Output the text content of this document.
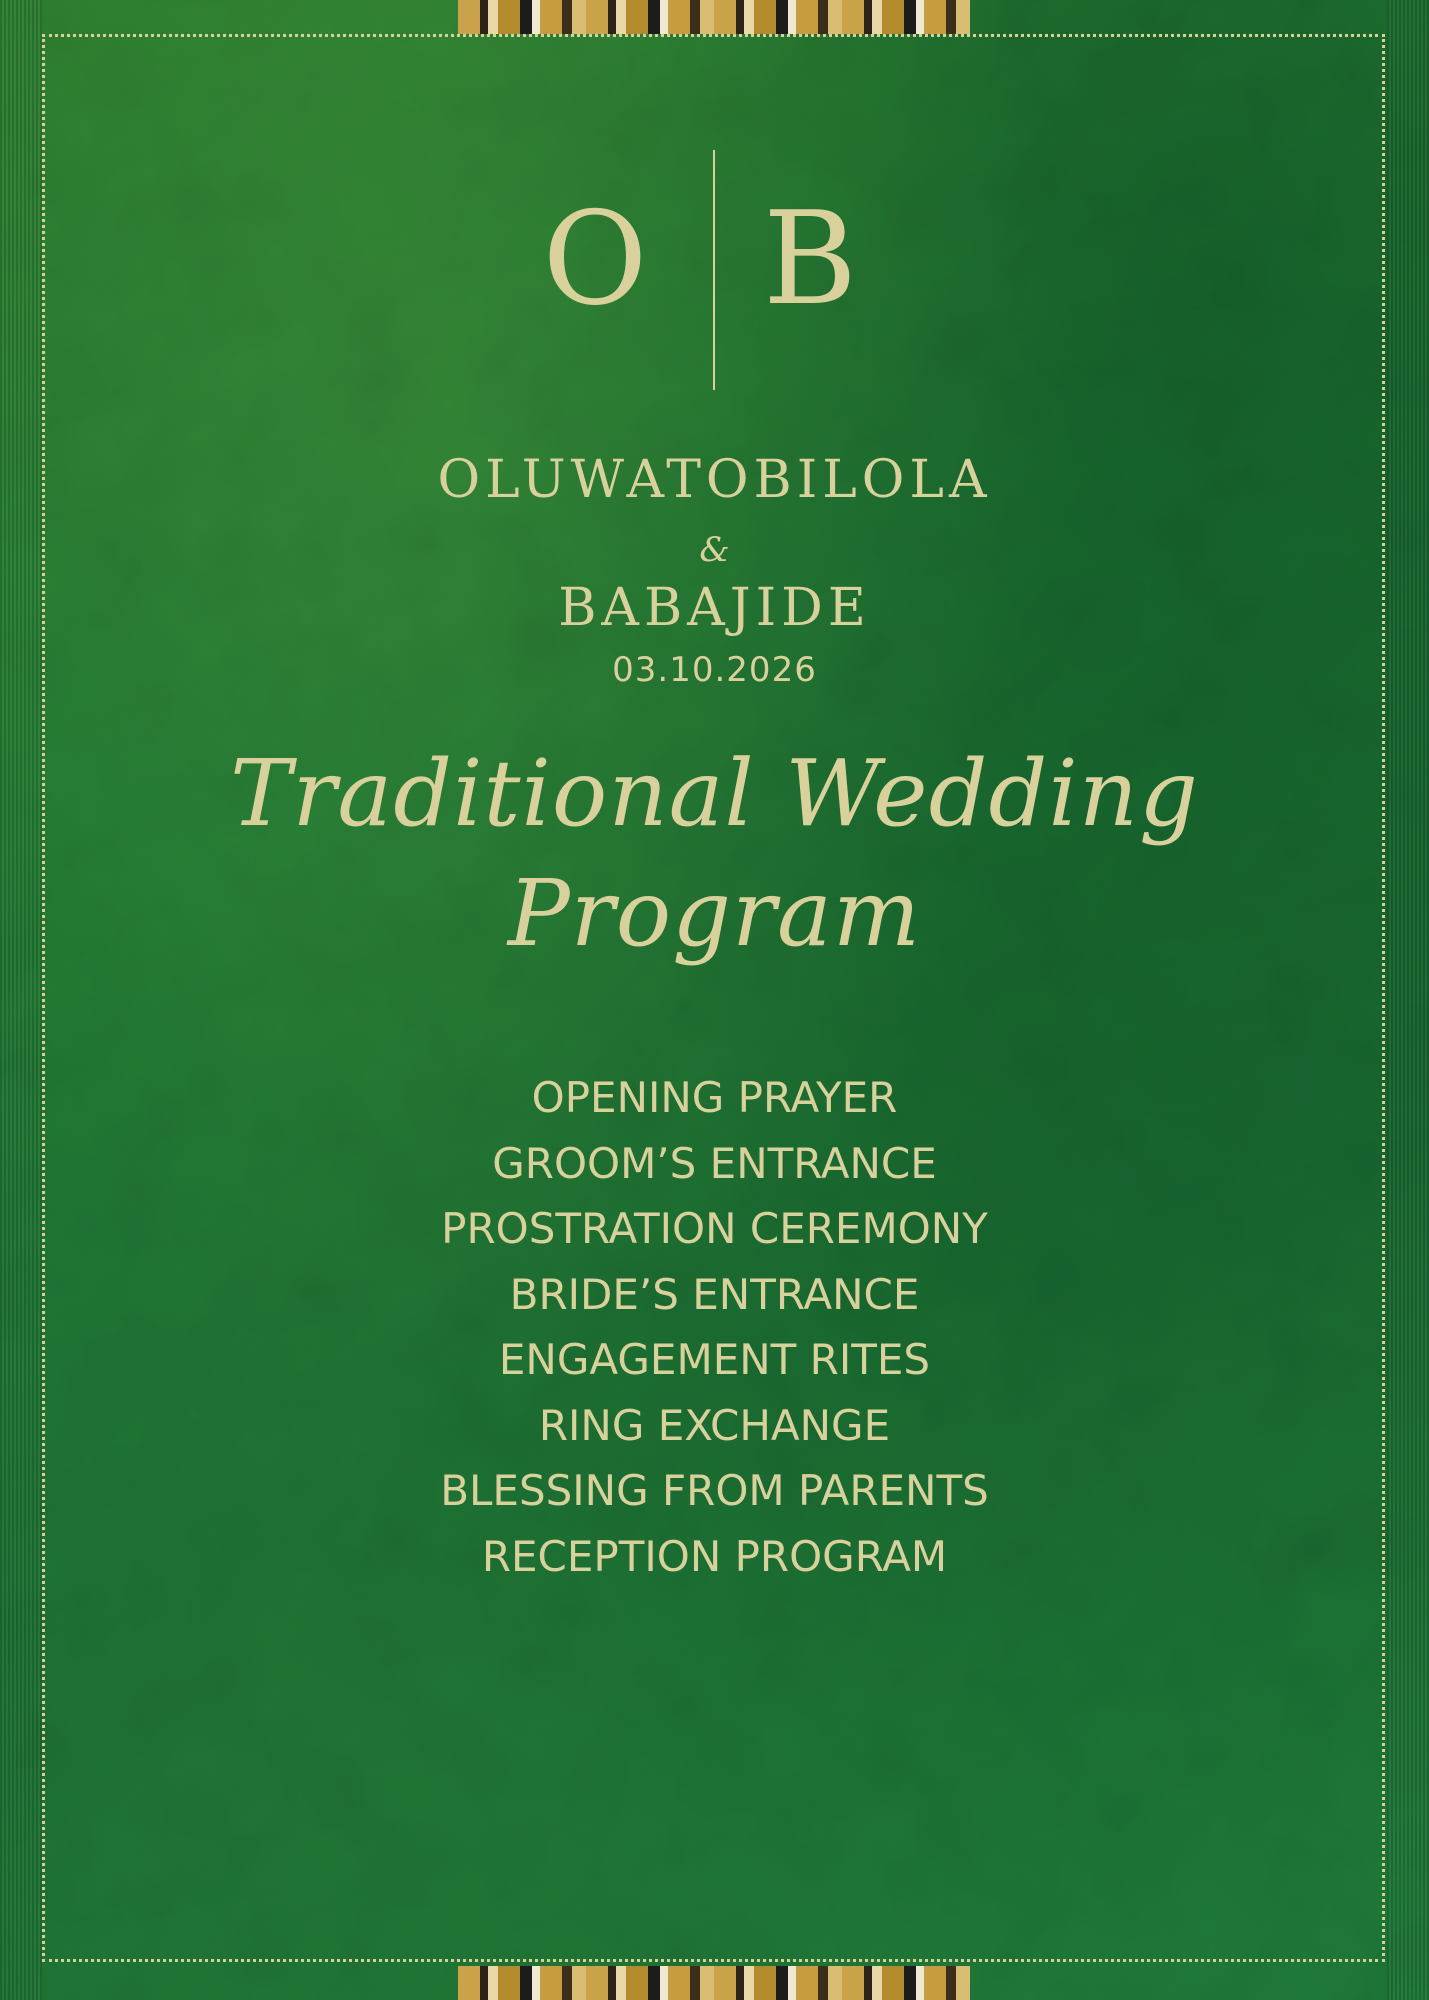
O B
OLUWATOBILOLA
&
BABAJIDE
03.10.2026
Traditional Wedding
Program
OPENING PRAYER
GROOM’S ENTRANCE
PROSTRATION CEREMONY
BRIDE’S ENTRANCE
ENGAGEMENT RITES
RING EXCHANGE
BLESSING FROM PARENTS
RECEPTION PROGRAM
